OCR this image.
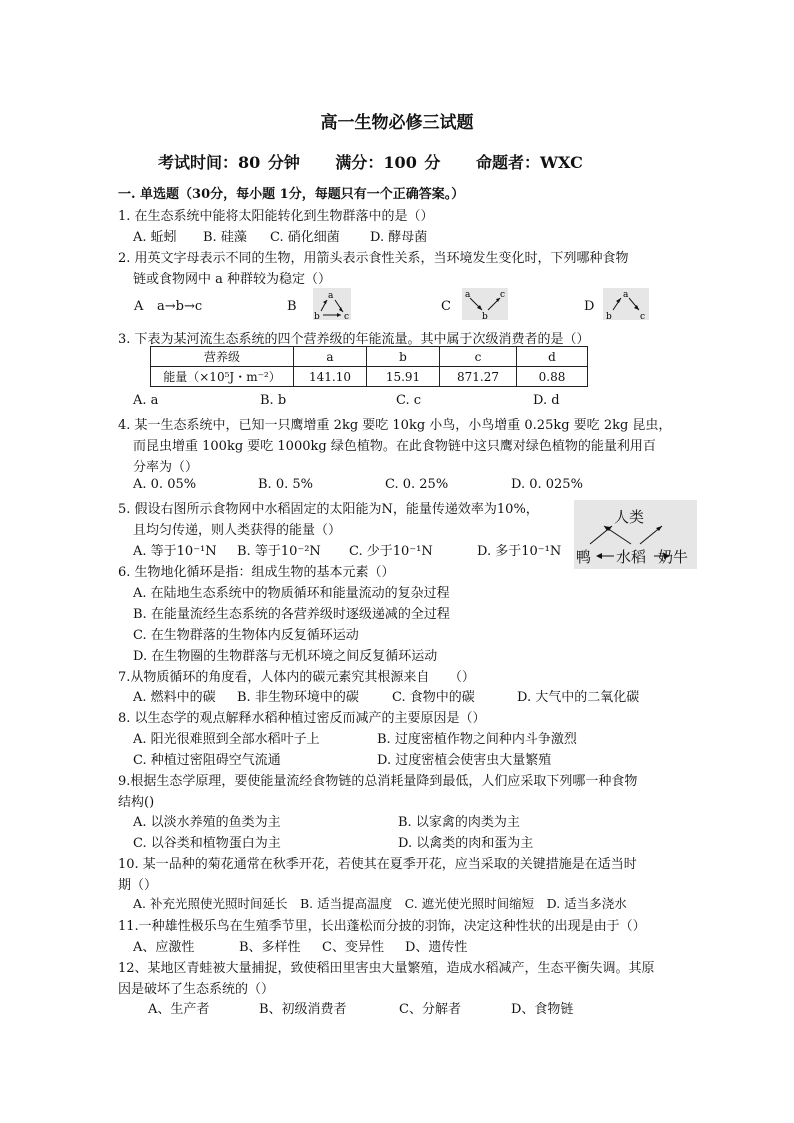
高一生物必修三试题
考试时间：80 分钟 满分：100 分 命题者：WXC
一. 单选题（30分，每小题 1分，每题只有一个正确答案。）
1. 在生态系统中能将太阳能转化到生物群落中的是（）
A. 蚯蚓 B. 硅藻 C. 硝化细菌 D. 酵母菌
2. 用英文字母表示不同的生物，用箭头表示食性关系，当环境发生变化时，下列哪种食物
链或食物网中 a 种群较为稳定（）
A a→b→c	B
a
b	c
C
a
b
c
D
a
b	c
3. 下表为某河流生态系统的四个营养级的年能流量。其中属于次级消费者的是（）
营养级	a	b	c	d
能量（×10⁵J・m⁻²）	141.10	15.91	871.27	0.88
A. a	B. b	C. c	D. d
4. 某一生态系统中，已知一只鹰增重 2kg 要吃 10kg 小鸟，小鸟增重 0.25kg 要吃 2kg 昆虫，
而昆虫增重 100kg 要吃 1000kg 绿色植物。在此食物链中这只鹰对绿色植物的能量利用百
分率为（）
A. 0. 05%	B. 0. 5%	C. 0. 25%	D. 0. 025%
5. 假设右图所示食物网中水稻固定的太阳能为N，能量传递效率为10%，
且均匀传递，则人类获得的能量（）
A. 等于10⁻¹N B. 等于10⁻²N C. 少于10⁻¹N	D. 多于10⁻¹N
人类
鸭 水稻 奶牛
6. 生物地化循环是指：组成生物的基本元素（）
A. 在陆地生态系统中的物质循环和能量流动的复杂过程
B. 在能量流经生态系统的各营养级时逐级递减的全过程
C. 在生物群落的生物体内反复循环运动
D. 在生物圈的生物群落与无机环境之间反复循环运动
7.从物质循环的角度看，人体内的碳元素究其根源来自　　（）
A. 燃料中的碳 B. 非生物环境中的碳	C. 食物中的碳	D. 大气中的二氧化碳
8. 以生态学的观点解释水稻种植过密反而减产的主要原因是（）
A. 阳光很难照到全部水稻叶子上	B. 过度密植作物之间种内斗争激烈
C. 种植过密阻碍空气流通	D. 过度密植会使害虫大量繁殖
9.根据生态学原理，要使能量流经食物链的总消耗量降到最低，人们应采取下列哪一种食物
结构()
A. 以淡水养殖的鱼类为主	B. 以家禽的肉类为主
C. 以谷类和植物蛋白为主	D. 以禽类的肉和蛋为主
10. 某一品种的菊花通常在秋季开花，若使其在夏季开花，应当采取的关键措施是在适当时
期（）
A. 补充光照使光照时间延长　B. 适当提高温度　C. 遮光使光照时间缩短　D. 适当多浇水
11.一种雄性极乐鸟在生殖季节里，长出蓬松而分披的羽饰，决定这种性状的出现是由于（）
A、应激性	B、多样性 C、变异性 D、遗传性
12、某地区青蛙被大量捕捉，致使稻田里害虫大量繁殖，造成水稻减产，生态平衡失调。其原
因是破坏了生态系统的（）
A、生产者	B、初级消费者	C、分解者	D、食物链
